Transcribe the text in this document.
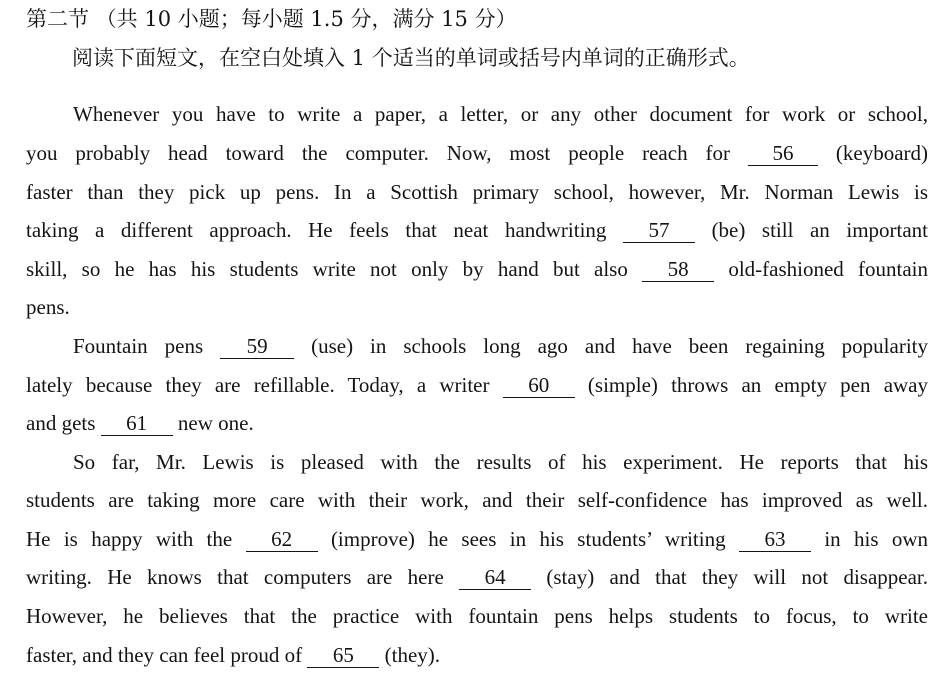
第二节 （共 10 小题；每小题 1.5 分，满分 15 分）
阅读下面短文，在空白处填入 1 个适当的单词或括号内单词的正确形式。
Whenever you have to write a paper, a letter, or any other document for work or school,
you probably head toward the computer. Now, most people reach for 56 (keyboard)
faster than they pick up pens. In a Scottish primary school, however, Mr. Norman Lewis is
taking a different approach. He feels that neat handwriting 57 (be) still an important
skill, so he has his students write not only by hand but also 58 old-fashioned fountain
pens.
Fountain pens 59 (use) in schools long ago and have been regaining popularity
lately because they are refillable. Today, a writer 60 (simple) throws an empty pen away
and gets 61 new one.
So far, Mr. Lewis is pleased with the results of his experiment. He reports that his
students are taking more care with their work, and their self-confidence has improved as well.
He is happy with the 62 (improve) he sees in his students’ writing 63 in his own
writing. He knows that computers are here 64 (stay) and that they will not disappear.
However, he believes that the practice with fountain pens helps students to focus, to write
faster, and they can feel proud of 65 (they).
